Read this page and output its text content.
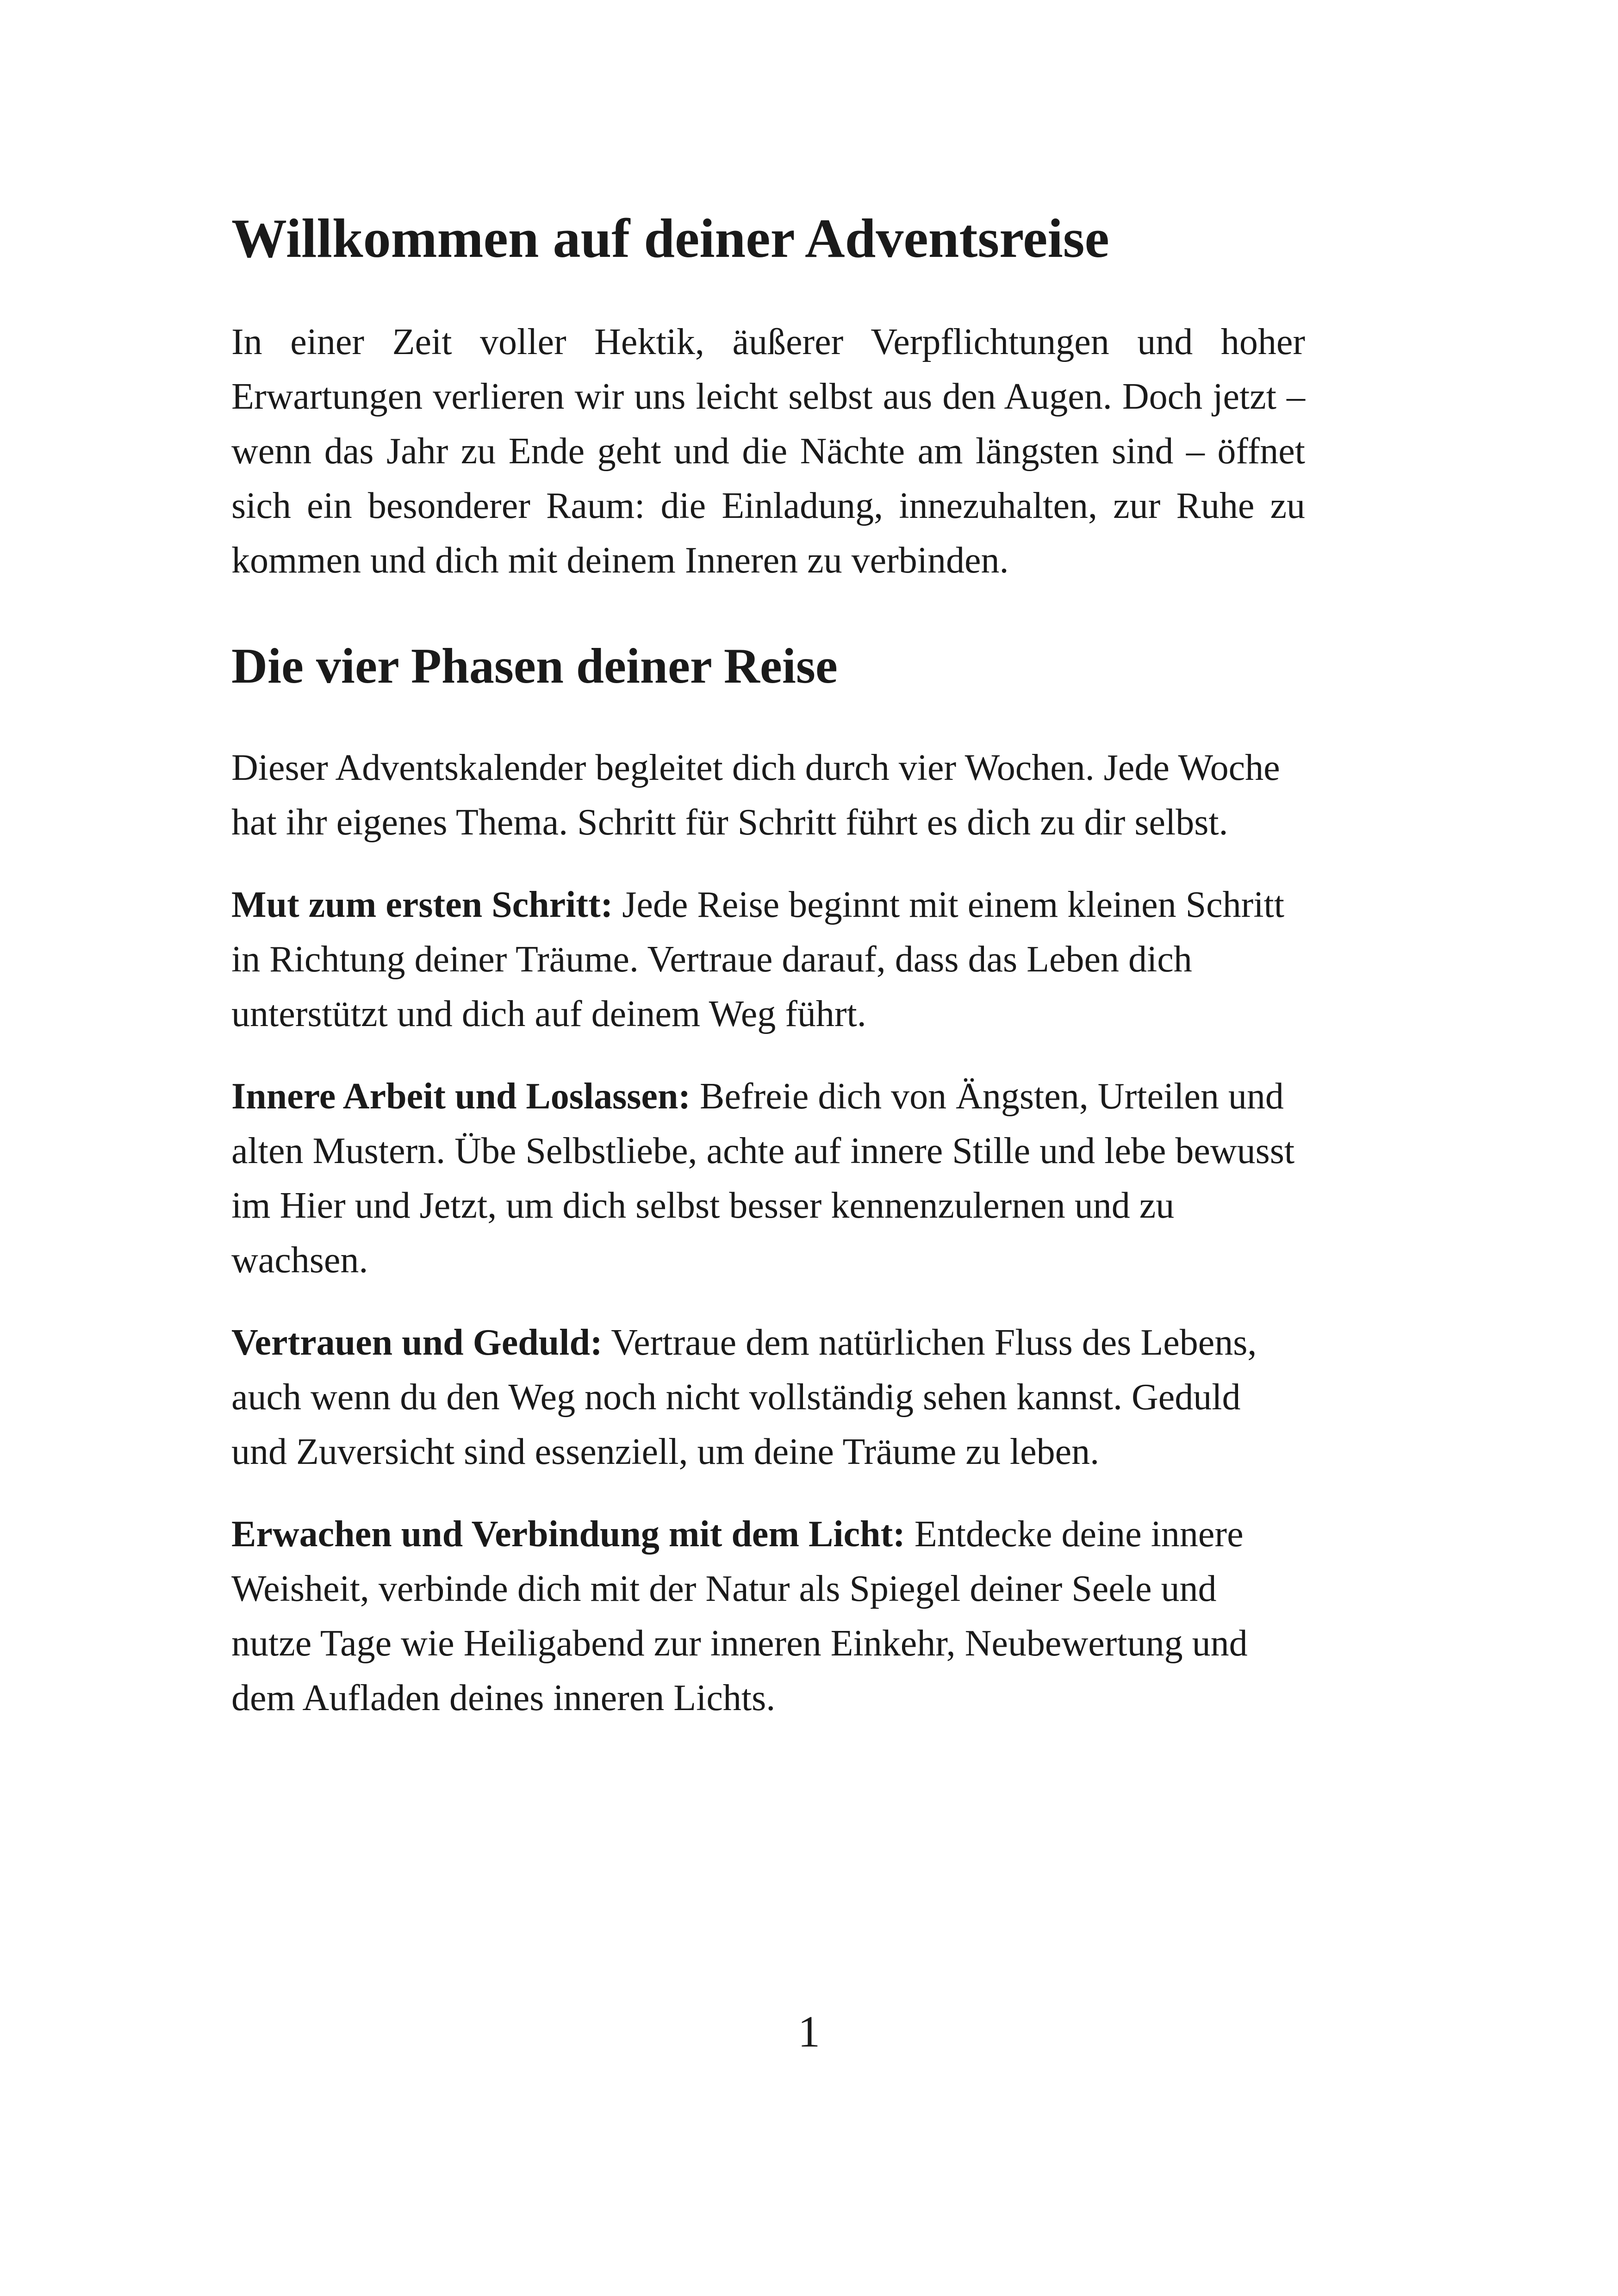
Willkommen auf deiner Adventsreise

In einer Zeit voller Hektik, äußerer Verpflichtungen und hoher Erwartungen verlieren wir uns leicht selbst aus den Augen. Doch jetzt – wenn das Jahr zu Ende geht und die Nächte am längsten sind – öffnet sich ein besonderer Raum: die Einladung, innezuhalten, zur Ruhe zu kommen und dich mit deinem Inneren zu verbinden.

Die vier Phasen deiner Reise

Dieser Adventskalender begleitet dich durch vier Wochen. Jede Woche hat ihr eigenes Thema. Schritt für Schritt führt es dich zu dir selbst.

Mut zum ersten Schritt: Jede Reise beginnt mit einem kleinen Schritt in Richtung deiner Träume. Vertraue darauf, dass das Leben dich unterstützt und dich auf deinem Weg führt.

Innere Arbeit und Loslassen: Befreie dich von Ängsten, Urteilen und alten Mustern. Übe Selbstliebe, achte auf innere Stille und lebe bewusst im Hier und Jetzt, um dich selbst besser kennenzulernen und zu wachsen.

Vertrauen und Geduld: Vertraue dem natürlichen Fluss des Lebens, auch wenn du den Weg noch nicht vollständig sehen kannst. Geduld und Zuversicht sind essenziell, um deine Träume zu leben.

Erwachen und Verbindung mit dem Licht: Entdecke deine innere Weisheit, verbinde dich mit der Natur als Spiegel deiner Seele und nutze Tage wie Heiligabend zur inneren Einkehr, Neubewertung und dem Aufladen deines inneren Lichts.

1
